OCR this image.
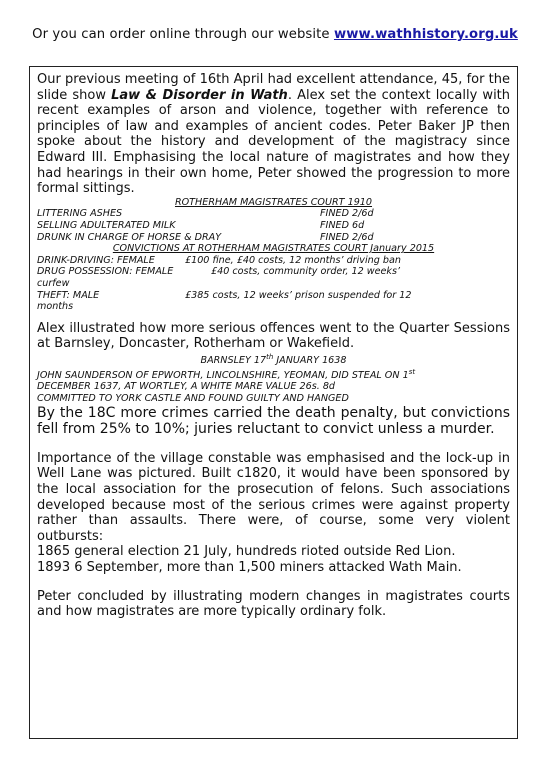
Or you can order online through our website www.wathhistory.org.uk

Our previous meeting of 16th April had excellent attendance, 45, for the slide show Law & Disorder in Wath. Alex set the context locally with recent examples of arson and violence, together with reference to principles of law and examples of ancient codes. Peter Baker JP then spoke about the history and development of the magistracy since Edward III. Emphasising the local nature of magistrates and how they had hearings in their own home, Peter showed the progression to more formal sittings.

ROTHERHAM MAGISTRATES COURT 1910

LITTERING ASHES	FINED 2/6d
SELLING ADULTERATED MILK	FINED 6d
DRUNK IN CHARGE OF HORSE & DRAY	FINED 2/6d

CONVICTIONS AT ROTHERHAM MAGISTRATES COURT January 2015

DRINK-DRIVING: FEMALE	£100 fine, £40 costs, 12 months’ driving ban
DRUG POSSESSION: FEMALE	£40 costs, community order, 12 weeks’

curfew

THEFT: MALE	£385 costs, 12 weeks’ prison suspended for 12

months

Alex illustrated how more serious offences went to the Quarter Sessions at Barnsley, Doncaster, Rotherham or Wakefield.

BARNSLEY 17th JANUARY 1638

JOHN SAUNDERSON OF EPWORTH, LINCOLNSHIRE, YEOMAN, DID STEAL ON 1st

DECEMBER 1637, AT WORTLEY, A WHITE MARE VALUE 26s. 8d

COMMITTED TO YORK CASTLE AND FOUND GUILTY AND HANGED

By the 18C more crimes carried the death penalty, but convictions fell from 25% to 10%; juries reluctant to convict unless a murder.

Importance of the village constable was emphasised and the lock-up in Well Lane was pictured. Built c1820, it would have been sponsored by the local association for the prosecution of felons. Such associations developed because most of the serious crimes were against property rather than assaults. There were, of course, some very violent outbursts:

1865 general election 21 July, hundreds rioted outside Red Lion.

1893 6 September, more than 1,500 miners attacked Wath Main.

Peter concluded by illustrating modern changes in magistrates courts and how magistrates are more typically ordinary folk.
